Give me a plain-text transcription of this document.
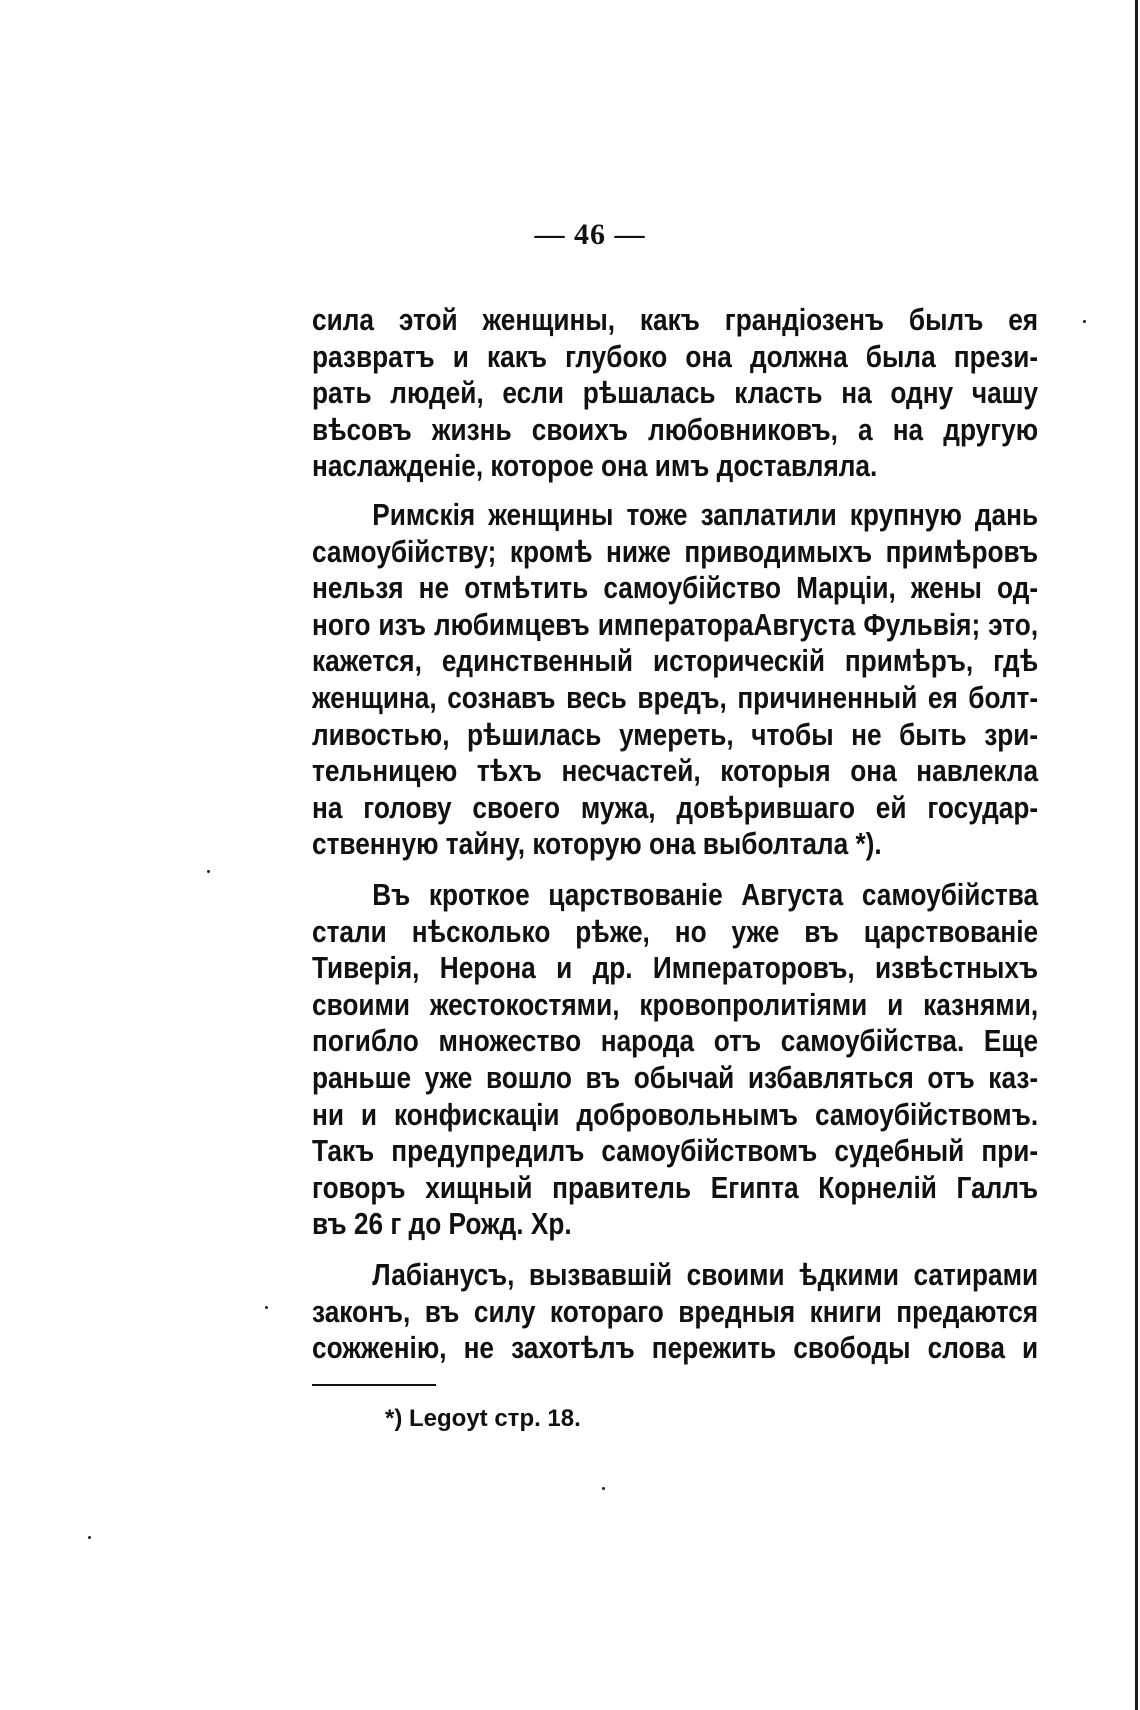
— 46 —
сила этой женщины, какъ грандіозенъ былъ ея
развратъ и какъ глубоко она должна была прези-
рать людей, если рѣшалась класть на одну чашу
вѣсовъ жизнь своихъ любовниковъ, а на другую
наслажденіе, которое она имъ доставляла.
Римскія женщины тоже заплатили крупную дань
самоубійству; кромѣ ниже приводимыхъ примѣровъ
нельзя не отмѣтить самоубійство Марціи, жены од-
ного изъ любимцевъ императораАвгуста Фульвія; это,
кажется, единственный историческій примѣръ, гдѣ
женщина, сознавъ весь вредъ, причиненный ея болт-
ливостью, рѣшилась умереть, чтобы не быть зри-
тельницею тѣхъ несчастей, которыя она навлекла
на голову своего мужа, довѣрившаго ей государ-
ственную тайну, которую она выболтала *).
Въ кроткое царствованіе Августа самоубійства
стали нѣсколько рѣже, но уже въ царствованіе
Тиверія, Нерона и др. Императоровъ, извѣстныхъ
своими жестокостями, кровопролитіями и казнями,
погибло множество народа отъ самоубійства. Еще
раньше уже вошло въ обычай избавляться отъ каз-
ни и конфискаціи добровольнымъ самоубійствомъ.
Такъ предупредилъ самоубійствомъ судебный при-
говоръ хищный правитель Египта Корнелій Галлъ
въ 26 г до Рожд. Хр.
Лабіанусъ, вызвавшій своими ѣдкими сатирами
законъ, въ силу котораго вредныя книги предаются
сожженію, не захотѣлъ пережить свободы слова и
*) Legoyt стр. 18.
